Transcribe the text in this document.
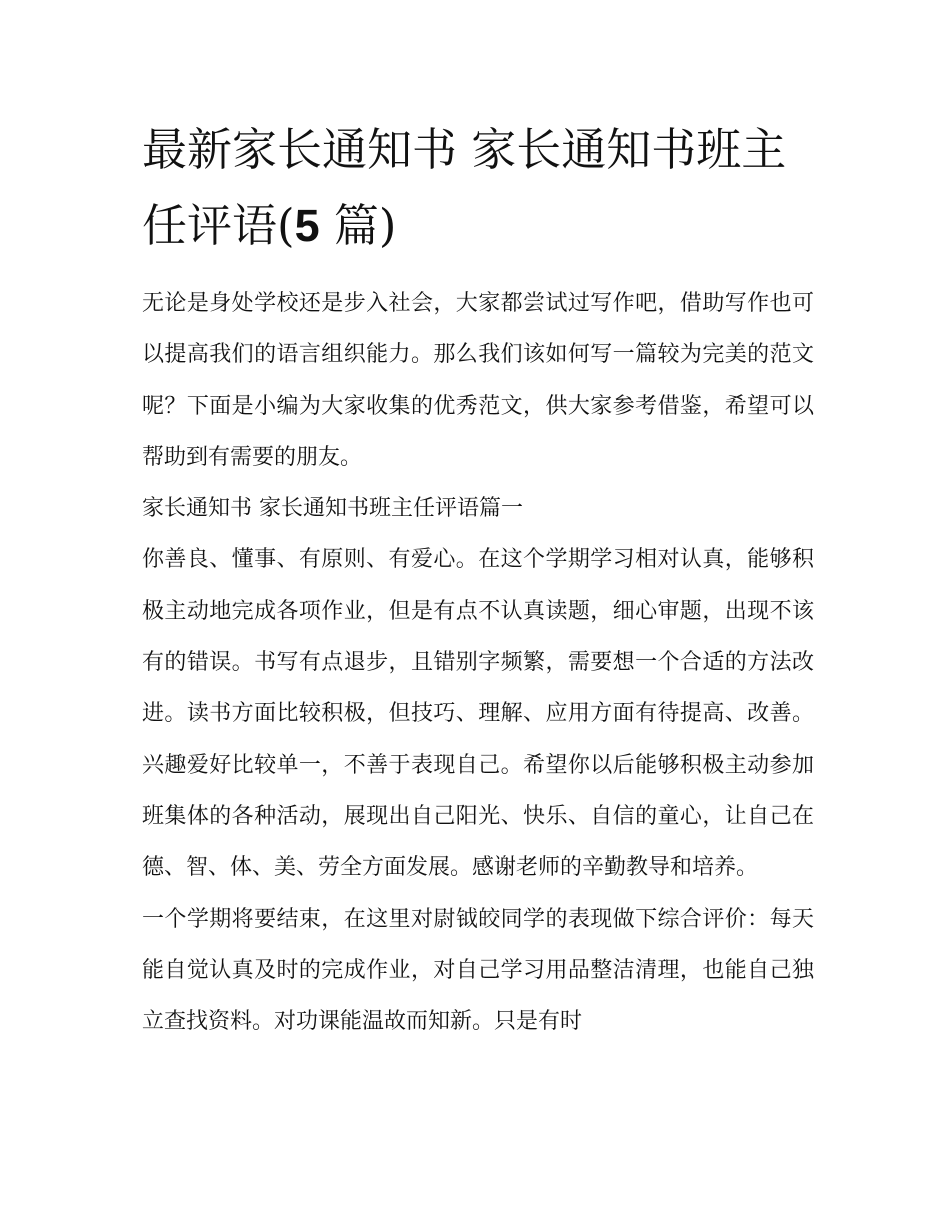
最新家长通知书 家长通知书班主任评语(5 篇)

无论是身处学校还是步入社会，大家都尝试过写作吧，借助写作也可以提高我们的语言组织能力。那么我们该如何写一篇较为完美的范文呢？下面是小编为大家收集的优秀范文，供大家参考借鉴，希望可以帮助到有需要的朋友。

家长通知书 家长通知书班主任评语篇一

你善良、懂事、有原则、有爱心。在这个学期学习相对认真，能够积极主动地完成各项作业，但是有点不认真读题，细心审题，出现不该有的错误。书写有点退步，且错别字频繁，需要想一个合适的方法改进。读书方面比较积极，但技巧、理解、应用方面有待提高、改善。兴趣爱好比较单一，不善于表现自己。希望你以后能够积极主动参加班集体的各种活动，展现出自己阳光、快乐、自信的童心，让自己在德、智、体、美、劳全方面发展。感谢老师的辛勤教导和培养。

一个学期将要结束，在这里对尉钺皎同学的表现做下综合评价：每天能自觉认真及时的完成作业，对自己学习用品整洁清理，也能自己独立查找资料。对功课能温故而知新。只是有时
